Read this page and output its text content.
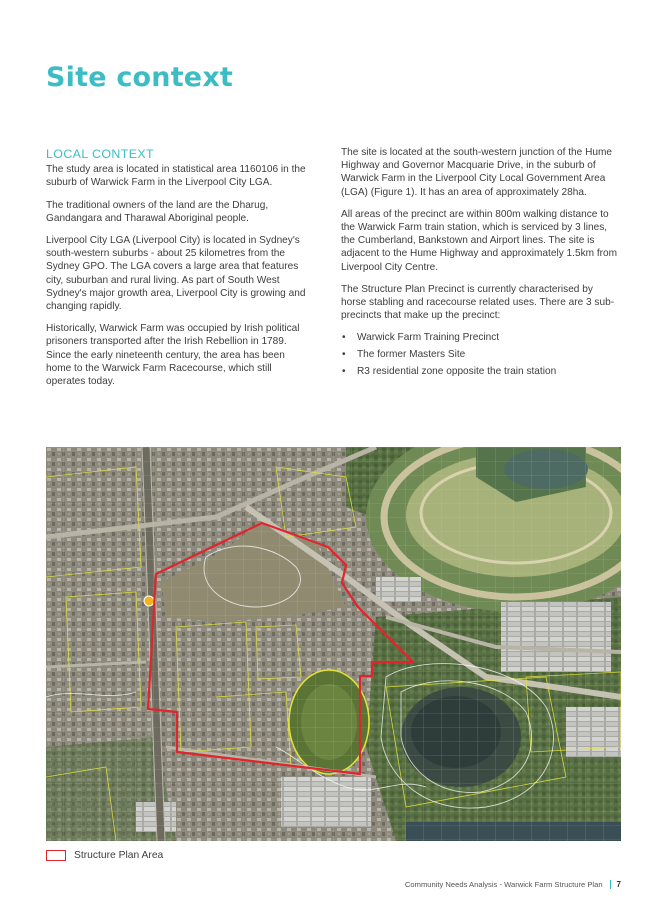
Site context
LOCAL CONTEXT

The study area is located in statistical area 1160106 in the suburb of Warwick Farm in the Liverpool City LGA.

The traditional owners of the land are the Dharug, Gandangara and Tharawal Aboriginal people.

Liverpool City LGA (Liverpool City) is located in Sydney's south-western suburbs - about 25 kilometres from the Sydney GPO. The LGA covers a large area that features city, suburban and rural living. As part of South West Sydney's major growth area, Liverpool City is growing and changing rapidly.

Historically, Warwick Farm was occupied by Irish political prisoners transported after the Irish Rebellion in 1789. Since the early nineteenth century, the area has been home to the Warwick Farm Racecourse, which still operates today.

The site is located at the south-western junction of the Hume Highway and Governor Macquarie Drive, in the suburb of Warwick Farm in the Liverpool City Local Government Area (LGA) (Figure 1). It has an area of approximately 28ha.

All areas of the precinct are within 800m walking distance to the Warwick Farm train station, which is serviced by 3 lines, the Cumberland, Bankstown and Airport lines. The site is adjacent to the Hume Highway and approximately 1.5km from Liverpool City Centre.

The Structure Plan Precinct is currently characterised by horse stabling and racecourse related uses. There are 3 sub-precincts that make up the precinct:

• Warwick Farm Training Precinct
• The former Masters Site
• R3 residential zone opposite the train station
Structure Plan Area
Community Needs Analysis - Warwick Farm Structure Plan 7
